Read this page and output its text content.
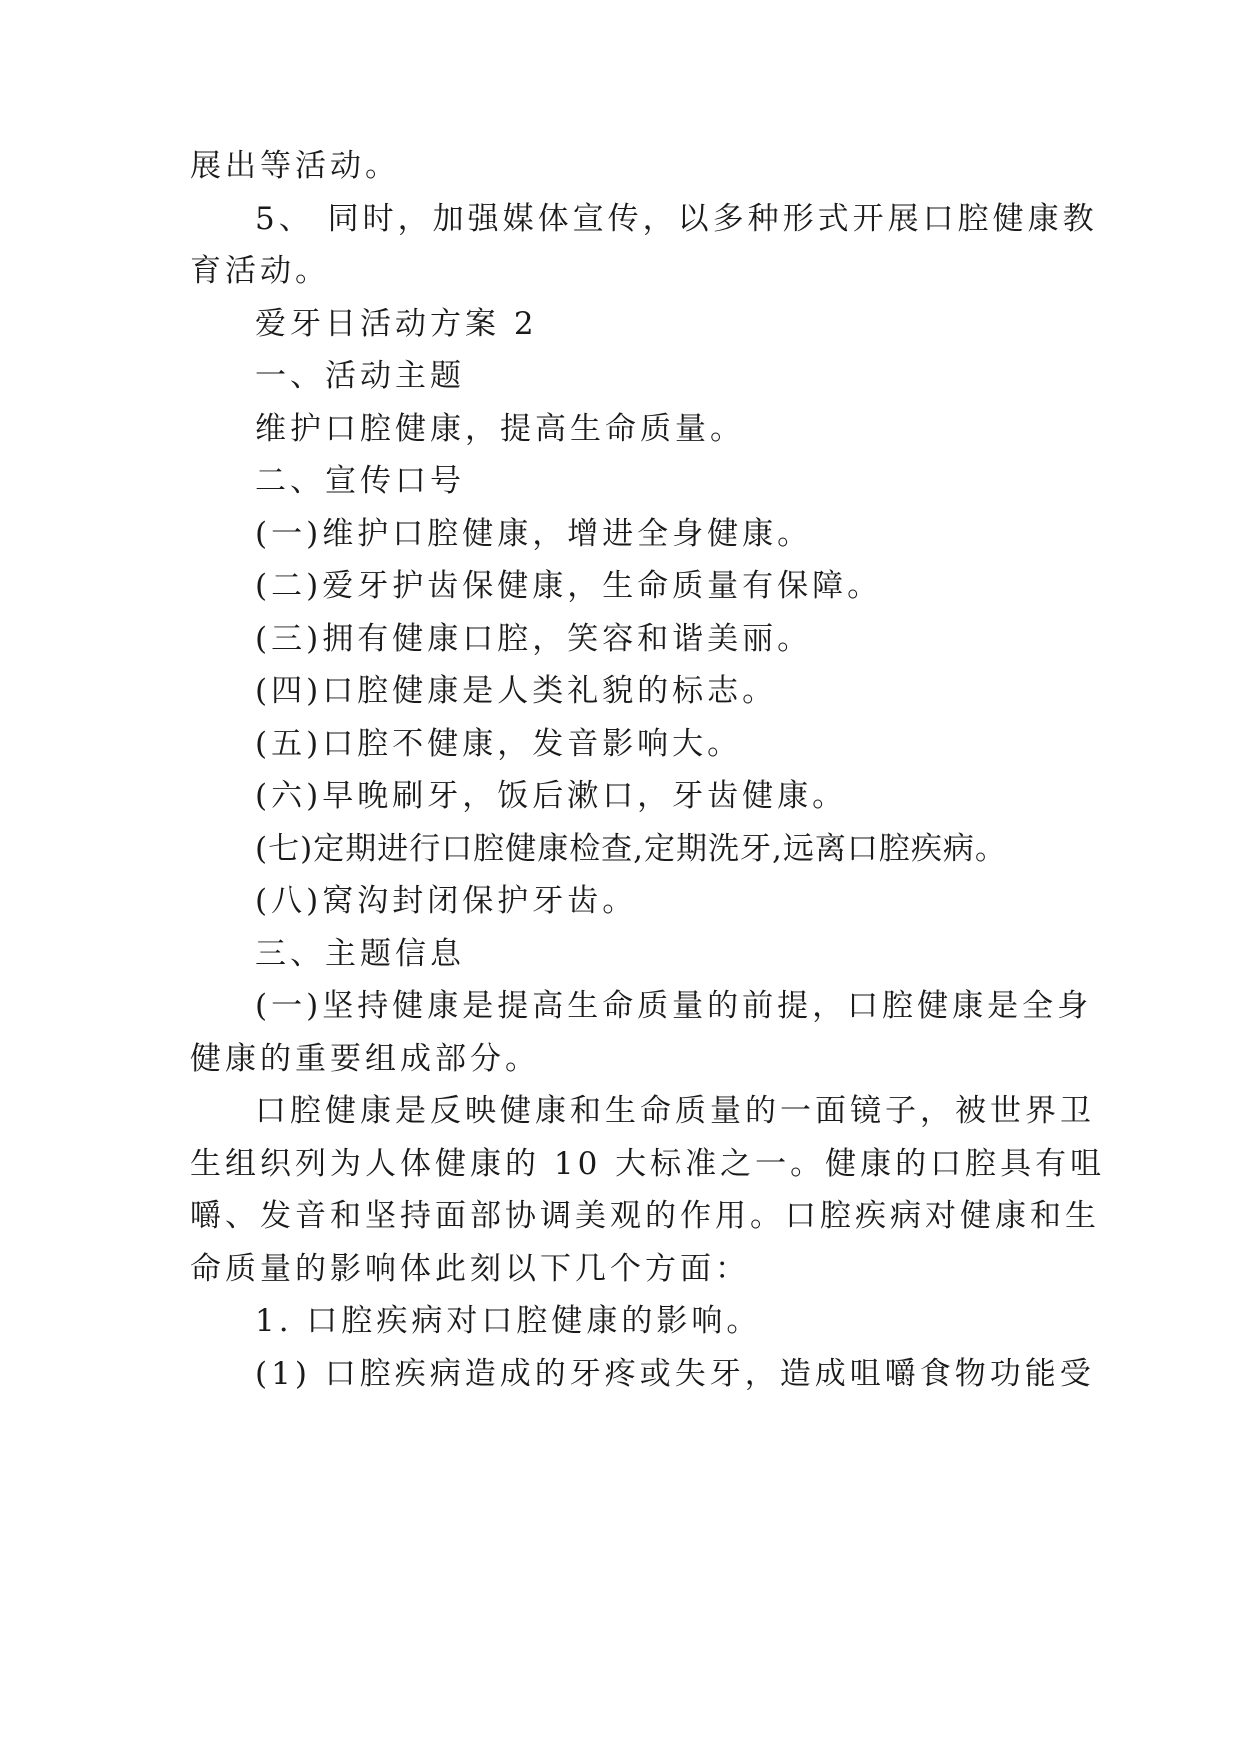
展出等活动。
5、 同时，加强媒体宣传，以多种形式开展口腔健康教
育活动。
爱牙日活动方案 2
一、活动主题
维护口腔健康，提高生命质量。
二、宣传口号
(一)维护口腔健康，增进全身健康。
(二)爱牙护齿保健康，生命质量有保障。
(三)拥有健康口腔，笑容和谐美丽。
(四)口腔健康是人类礼貌的标志。
(五)口腔不健康，发音影响大。
(六)早晚刷牙，饭后漱口，牙齿健康。
(七)定期进行口腔健康检查,定期洗牙,远离口腔疾病。
(八)窝沟封闭保护牙齿。
三、主题信息
(一)坚持健康是提高生命质量的前提，口腔健康是全身
健康的重要组成部分。
口腔健康是反映健康和生命质量的一面镜子，被世界卫
生组织列为人体健康的 10 大标准之一。健康的口腔具有咀
嚼、发音和坚持面部协调美观的作用。口腔疾病对健康和生
命质量的影响体此刻以下几个方面：
1. 口腔疾病对口腔健康的影响。
(1) 口腔疾病造成的牙疼或失牙，造成咀嚼食物功能受
